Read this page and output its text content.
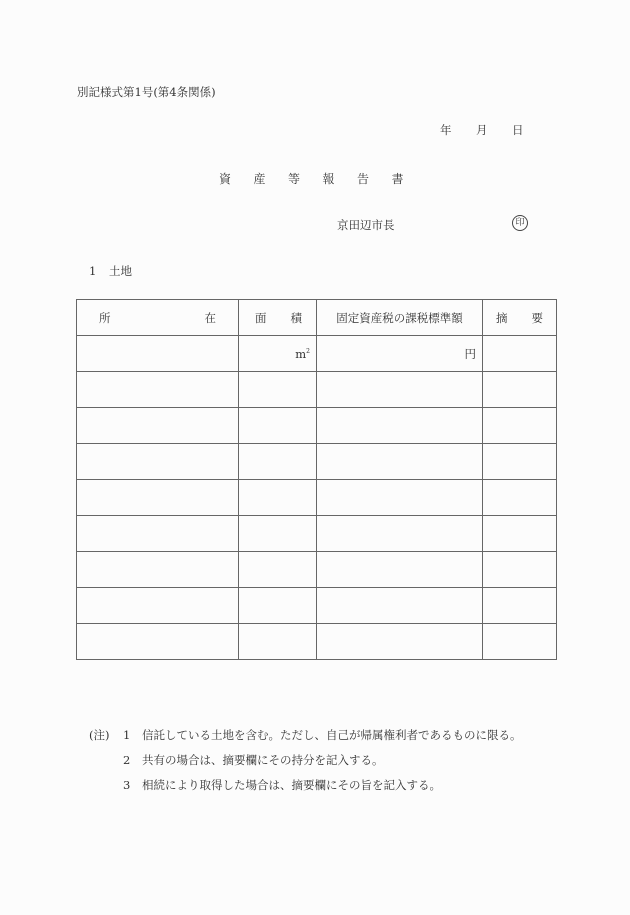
別記様式第1号(第4条関係)
年 月 日
資 産 等 報 告 書
京田辺市長	印
1 土地
所 在	面 積	固定資産税の課税標準額	摘 要

	$m^2$	円	

(注) 1 信託している土地を含む。ただし、自己が帰属権利者であるものに限る。
2 共有の場合は、摘要欄にその持分を記入する。
3 相続により取得した場合は、摘要欄にその旨を記入する。
